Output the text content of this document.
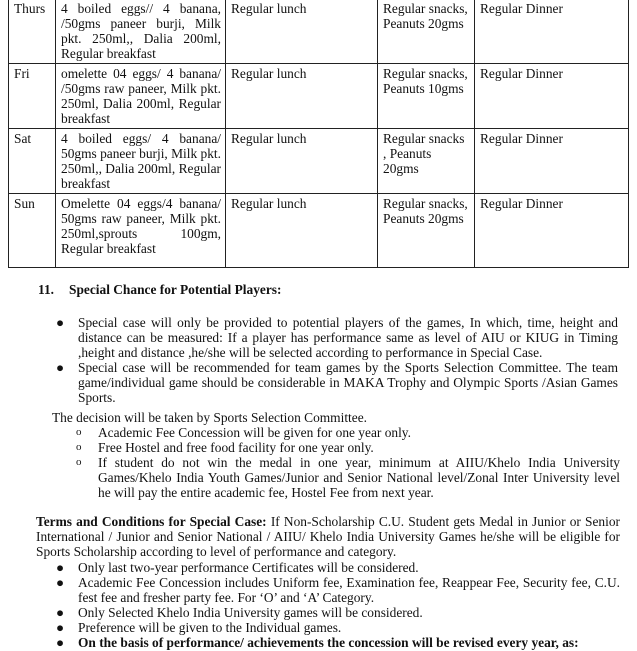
Thurs	4 boiled eggs// 4 banana, /50gms paneer burji, Milk pkt. 250ml,, Dalia 200ml, Regular breakfast	Regular lunch	Regular snacks, Peanuts 20gms	Regular Dinner
Fri	omelette 04 eggs/ 4 banana/ /50gms raw paneer, Milk pkt. 250ml, Dalia 200ml, Regular breakfast	Regular lunch	Regular snacks, Peanuts 10gms	Regular Dinner
Sat	4 boiled eggs/ 4 banana/ 50gms paneer burji, Milk pkt. 250ml,, Dalia 200ml, Regular breakfast	Regular lunch	Regular snacks , Peanuts 20gms	Regular Dinner
Sun	Omelette 04 eggs/4 banana/ 50gms raw paneer, Milk pkt. 250ml,sprouts 100gm, Regular breakfast	Regular lunch	Regular snacks, Peanuts 20gms	Regular Dinner
11. Special Chance for Potential Players:
● Special case will only be provided to potential players of the games, In which, time, height and distance can be measured: If a player has performance same as level of AIU or KIUG in Timing ,height and distance ,he/she will be selected according to performance in Special Case.
● Special case will be recommended for team games by the Sports Selection Committee. The team game/individual game should be considerable in MAKA Trophy and Olympic Sports /Asian Games Sports.
The decision will be taken by Sports Selection Committee.
o Academic Fee Concession will be given for one year only.
o Free Hostel and free food facility for one year only.
o If student do not win the medal in one year, minimum at AIIU/Khelo India University Games/Khelo India Youth Games/Junior and Senior National level/Zonal Inter University level he will pay the entire academic fee, Hostel Fee from next year.
Terms and Conditions for Special Case: If Non-Scholarship C.U. Student gets Medal in Junior or Senior International / Junior and Senior National / AIIU/ Khelo India University Games he/she will be eligible for Sports Scholarship according to level of performance and category.
● Only last two-year performance Certificates will be considered.
● Academic Fee Concession includes Uniform fee, Examination fee, Reappear Fee, Security fee, C.U. fest fee and fresher party fee. For ‘O’ and ‘A’ Category.
● Only Selected Khelo India University games will be considered.
● Preference will be given to the Individual games.
● On the basis of performance/ achievements the concession will be revised every year, as:
